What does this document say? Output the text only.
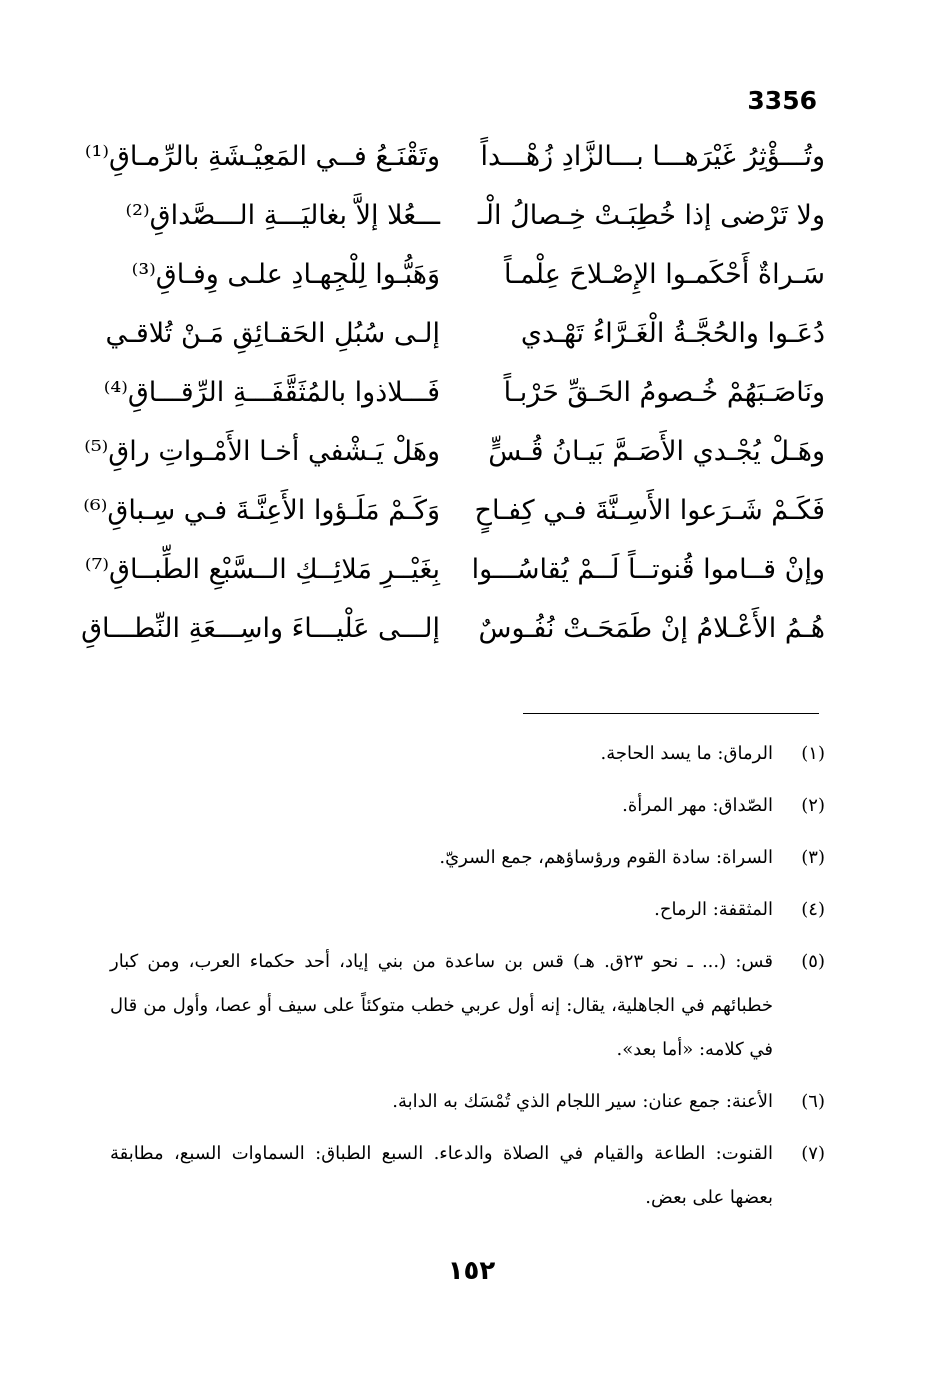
3356
وتُـــؤْثِرُ غَيْرَهـــا بـــالزَّادِ زُهْـــداً
وتَقْنَـعُ فــي المَعِيْـشَةِ بالرِّمـاقِ⁽¹⁾
ولا تَرْضى إذا خُطِبَـتْ خِـصالُ الْـ
ـــعُلا إلاَّ بغاليَـــةِ الـــصَّداقِ⁽²⁾
سَـراةٌ أَحْكَمـوا الإِصْـلاحَ عِلْمـاً
وَهَبُّـوا لِلْجِهـادِ علـى وِفـاقِ⁽³⁾
دُعَـوا والحُجَّـةُ الْغَـرَّاءُ تَهْـدي
إلـى سُبُلِ الحَقـائِقِ مَـنْ تُلاقـي
ونَاصَـبَهُمْ خُـصومُ الحَـقِّ حَرْبـاً
فَـــلاذوا بالمُثَقَّفَـــةِ الرِّقـــاقِ⁽⁴⁾
وهَـلْ يُجْـدي الأَصَـمَّ بَيـانُ قُـسٍّ
وهَلْ يَـشْفي أخـا الأَمْـواتِ راقِ⁽⁵⁾
فَكَـمْ شَـرَعوا الأَسِـنَّةَ فـي كِفـاحٍ
وَكَـمْ مَلَـؤوا الأَعِنَّـةَ فـي سِـباقِ⁽⁶⁾
وإنْ قــاموا قُنوتــاً لَــمْ يُقاسُـــوا
بِغَيْــرِ مَلائِــكِ الــسَّبْعِ الطِّبــاقِ⁽⁷⁾
هُـمُ الأَعْـلامُ إنْ طَمَحَـتْ نُفُـوسٌ
إلـــى عَلْيـــاءَ واسِـــعَةِ النِّطـــاقِ
(١)
الرماق: ما يسد الحاجة.
(٢)
الصّداق: مهر المرأة.
(٣)
السراة: سادة القوم ورؤساؤهم، جمع السريّ.
(٤)
المثقفة: الرماح.
(٥)
قس: (... ـ نحو ٢٣ق. هـ) قس بن ساعدة من بني إياد، أحد حكماء العرب، ومن كبار خطبائهم في الجاهلية، يقال: إنه أول عربي خطب متوكئاً على سيف أو عصا، وأول من قال في كلامه: «أما بعد».
(٦)
الأعنة: جمع عنان: سير اللجام الذي تُمْسَك به الدابة.
(٧)
القنوت: الطاعة والقيام في الصلاة والدعاء. السبع الطباق: السماوات السبع، مطابقة بعضها على بعض.
١٥٢
